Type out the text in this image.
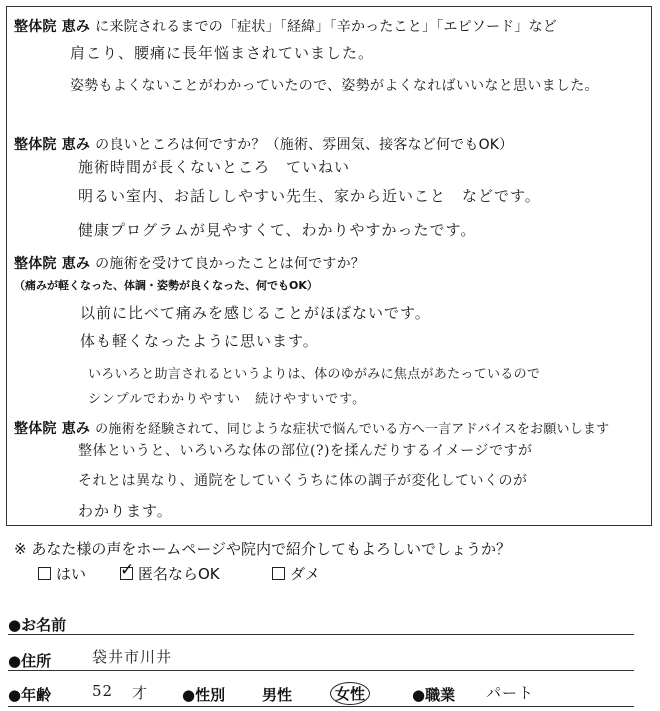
整体院 恵み に来院されるまでの「症状」「経緯」「辛かったこと」「エピソード」など
肩こり、腰痛に長年悩まされていました。
姿勢もよくないことがわかっていたので、姿勢がよくなればいいなと思いました。
整体院 恵み の良いところは何ですか？（施術、雰囲気、接客など何でもOK）
施術時間が長くないところ　ていねい
明るい室内、お話ししやすい先生、家から近いこと　などです。
健康プログラムが見やすくて、わかりやすかったです。
整体院 恵み の施術を受けて良かったことは何ですか？
（痛みが軽くなった、体調・姿勢が良くなった、何でもOK）
以前に比べて痛みを感じることがほぼないです。
体も軽くなったように思います。
いろいろと助言されるというよりは、体のゆがみに焦点があたっているので
シンプルでわかりやすい　続けやすいです。
整体院 恵み の施術を経験されて、同じような症状で悩んでいる方へ一言アドバイスをお願いします
整体というと、いろいろな体の部位(?)を揉んだりするイメージですが
それとは異なり、通院をしていくうちに体の調子が変化していくのが
わかります。
※ あなた様の声をホームページや院内で紹介してもよろしいでしょうか？
はい ✓ 匿名ならOK	ダメ
●お名前
●住所	袋井市川井
●年齢	52 才 ●性別 男性	女性	●職業 パート
